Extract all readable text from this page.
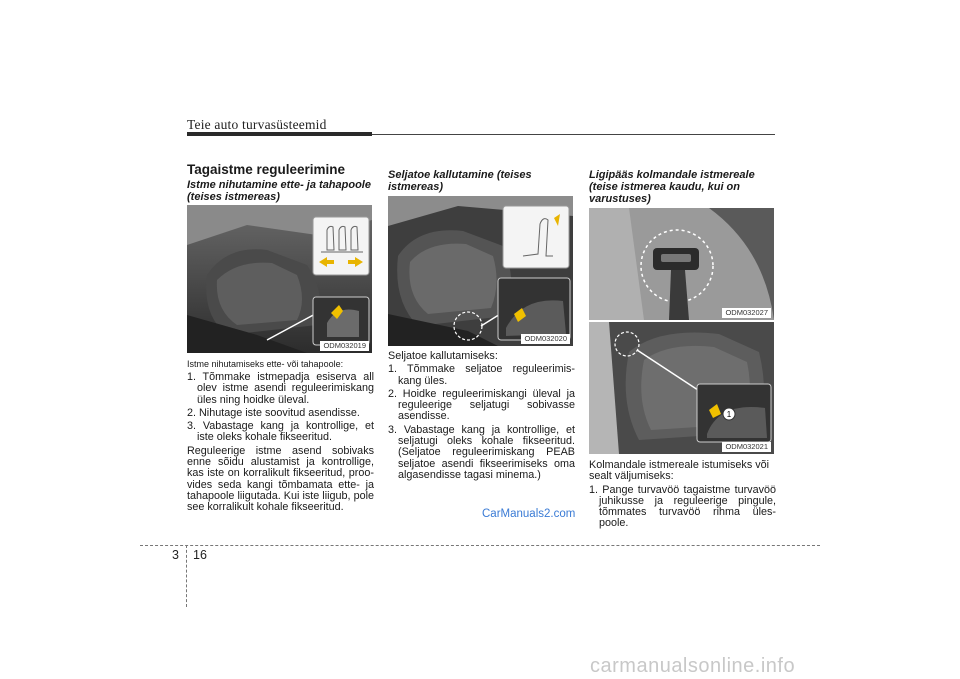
Teie auto turvasüsteemid
Tagaistme reguleerimine
Istme nihutamine ette- ja tahapoole (teises istmereas)
ODM032019
Istme nihutamiseks ette- või tahapoole:
1. Tõmmake istmepadja esiserva all olev istme asendi reguleerimiskang üles ning hoidke üleval.
2. Nihutage iste soovitud asendisse.
3. Vabastage kang ja kontrollige, et iste oleks kohale fikseeritud.

Reguleerige istme asend sobivaks enne sõidu alustamist ja kontrollige, kas iste on korralikult fikseeritud, proo- vides seda kangi tõmbamata ette- ja tahapoole liigutada. Kui iste liigub, pole see korralikult kohale fikseeritud.

Seljatoe kallutamine (teises istmereas)
ODM032020
Seljatoe kallutamiseks:
1. Tõmmake seljatoe reguleerimis- kang üles.
2. Hoidke reguleerimiskangi üleval ja reguleerige seljatugi sobivasse asendisse.
3. Vabastage kang ja kontrollige, et seljatugi oleks kohale fikseeritud. (Seljatoe reguleerimiskang PEAB seljatoe asendi fikseerimiseks oma algasendisse tagasi minema.)
CarManuals2.com
Ligipääs kolmandale istmereale (teise istmerea kaudu, kui on varustuses)
ODM032027
1
ODM032021
Kolmandale istmereale istumiseks või sealt väljumiseks:
1. Pange turvavöö tagaistme turvavöö juhikusse ja reguleerige pingule, tõmmates turvavöö rihma üles- poole.
3 16
carmanualsonline.info
